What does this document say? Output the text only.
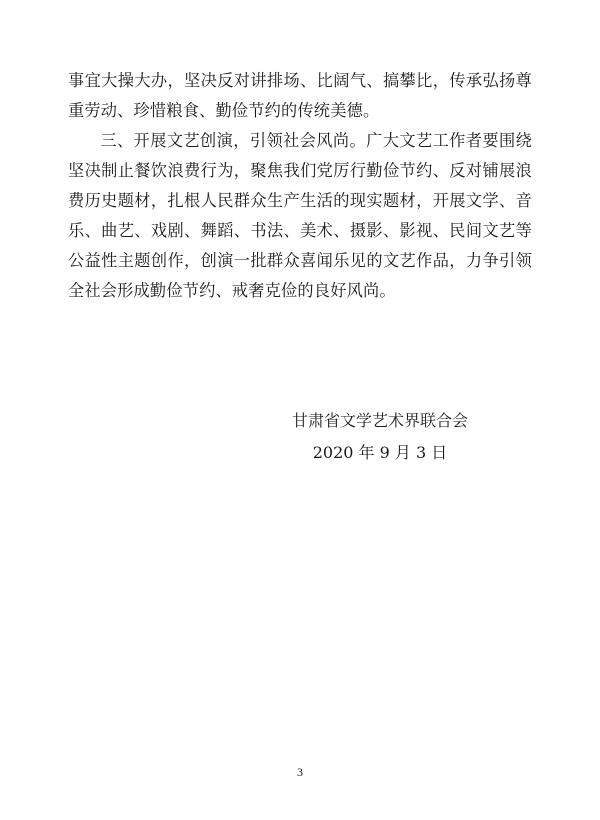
事宜大操大办，坚决反对讲排场、比阔气、搞攀比，传承弘扬尊重劳动、珍惜粮食、勤俭节约的传统美德。

三、开展文艺创演，引领社会风尚。广大文艺工作者要围绕坚决制止餐饮浪费行为，聚焦我们党厉行勤俭节约、反对铺展浪费历史题材，扎根人民群众生产生活的现实题材，开展文学、音乐、曲艺、戏剧、舞蹈、书法、美术、摄影、影视、民间文艺等公益性主题创作，创演一批群众喜闻乐见的文艺作品，力争引领全社会形成勤俭节约、戒奢克俭的良好风尚。

甘肃省文学艺术界联合会
2020 年 9 月 3 日
3
